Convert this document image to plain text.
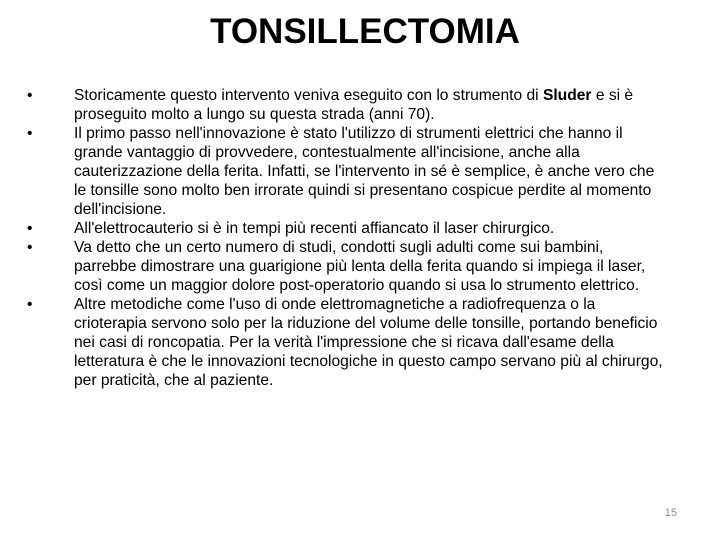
TONSILLECTOMIA
•	Storicamente questo intervento veniva eseguito con lo strumento di Sluder e si è proseguito molto a lungo su questa strada (anni 70).
•	Il primo passo nell'innovazione è stato l'utilizzo di strumenti elettrici che hanno il grande vantaggio di provvedere, contestualmente all'incisione, anche alla cauterizzazione della ferita. Infatti, se l'intervento in sé è semplice, è anche vero che le tonsille sono molto ben irrorate quindi si presentano cospicue perdite al momento dell'incisione.
•	All'elettrocauterio si è in tempi più recenti affiancato il laser chirurgico.
•	Va detto che un certo numero di studi, condotti sugli adulti come sui bambini, parrebbe dimostrare una guarigione più lenta della ferita quando si impiega il laser, così come un maggior dolore post-operatorio quando si usa lo strumento elettrico.
•	Altre metodiche come l'uso di onde elettromagnetiche a radiofrequenza o la crioterapia servono solo per la riduzione del volume delle tonsille, portando beneficio nei casi di roncopatia. Per la verità l'impressione che si ricava dall'esame della letteratura è che le innovazioni tecnologiche in questo campo servano più al chirurgo, per praticità, che al paziente.
15
